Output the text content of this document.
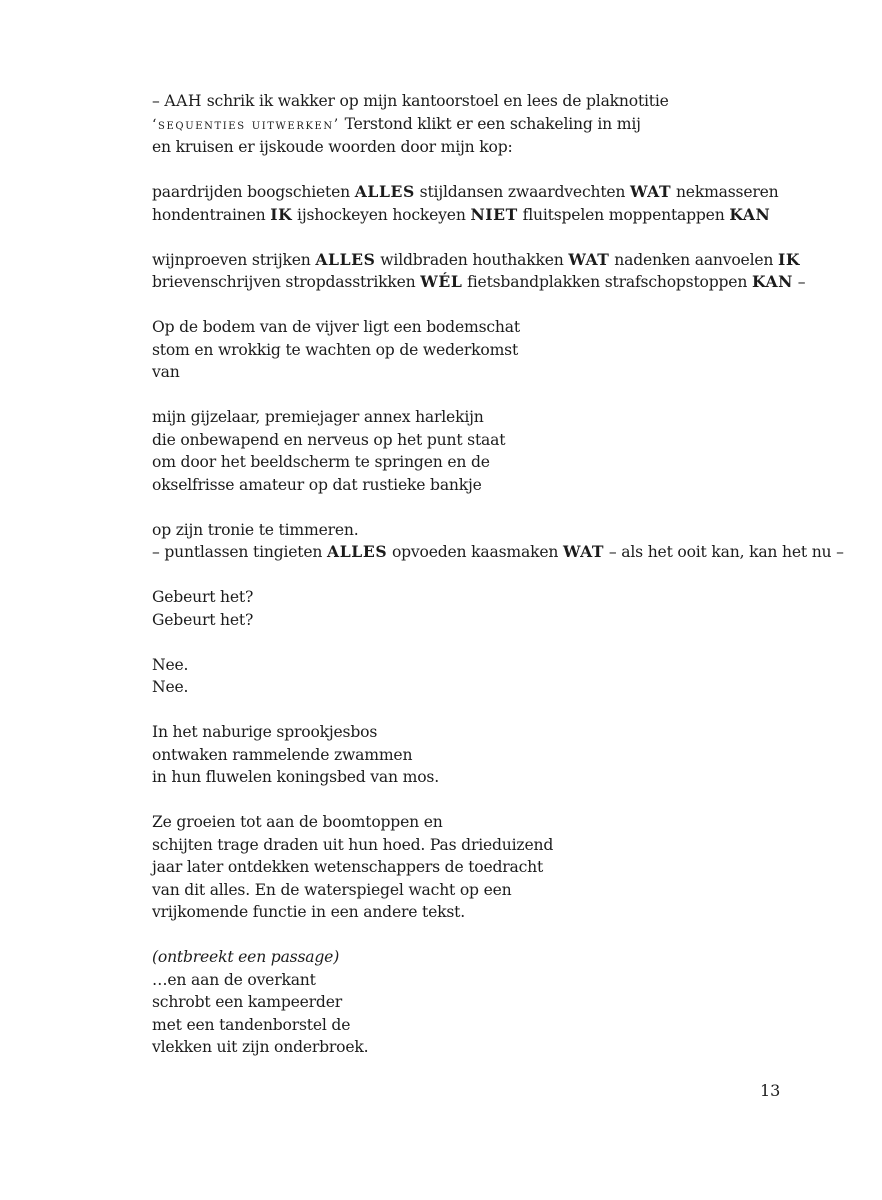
– AAH schrik ik wakker op mijn kantoorstoel en lees de plaknotitie
‘sequenties uitwerken’ Terstond klikt er een schakeling in mij
en kruisen er ijskoude woorden door mijn kop:
paardrijden boogschieten ALLES stijldansen zwaardvechten WAT nekmasseren
hondentrainen IK ijshockeyen hockeyen NIET fluitspelen moppentappen KAN
wijnproeven strijken ALLES wildbraden houthakken WAT nadenken aanvoelen IK
brievenschrijven stropdasstrikken WÉL fietsbandplakken strafschopstoppen KAN –
Op de bodem van de vijver ligt een bodemschat
stom en wrokkig te wachten op de wederkomst
van
mijn gijzelaar, premiejager annex harlekijn
die onbewapend en nerveus op het punt staat
om door het beeldscherm te springen en de
okselfrisse amateur op dat rustieke bankje
op zijn tronie te timmeren.
– puntlassen tingieten ALLES opvoeden kaasmaken WAT – als het ooit kan, kan het nu –
Gebeurt het?
Gebeurt het?
Nee.
Nee.
In het naburige sprookjesbos
ontwaken rammelende zwammen
in hun fluwelen koningsbed van mos.
Ze groeien tot aan de boomtoppen en
schijten trage draden uit hun hoed. Pas drieduizend
jaar later ontdekken wetenschappers de toedracht
van dit alles. En de waterspiegel wacht op een
vrijkomende functie in een andere tekst.
(ontbreekt een passage)
…en aan de overkant
schrobt een kampeerder
met een tandenborstel de
vlekken uit zijn onderbroek.
13
